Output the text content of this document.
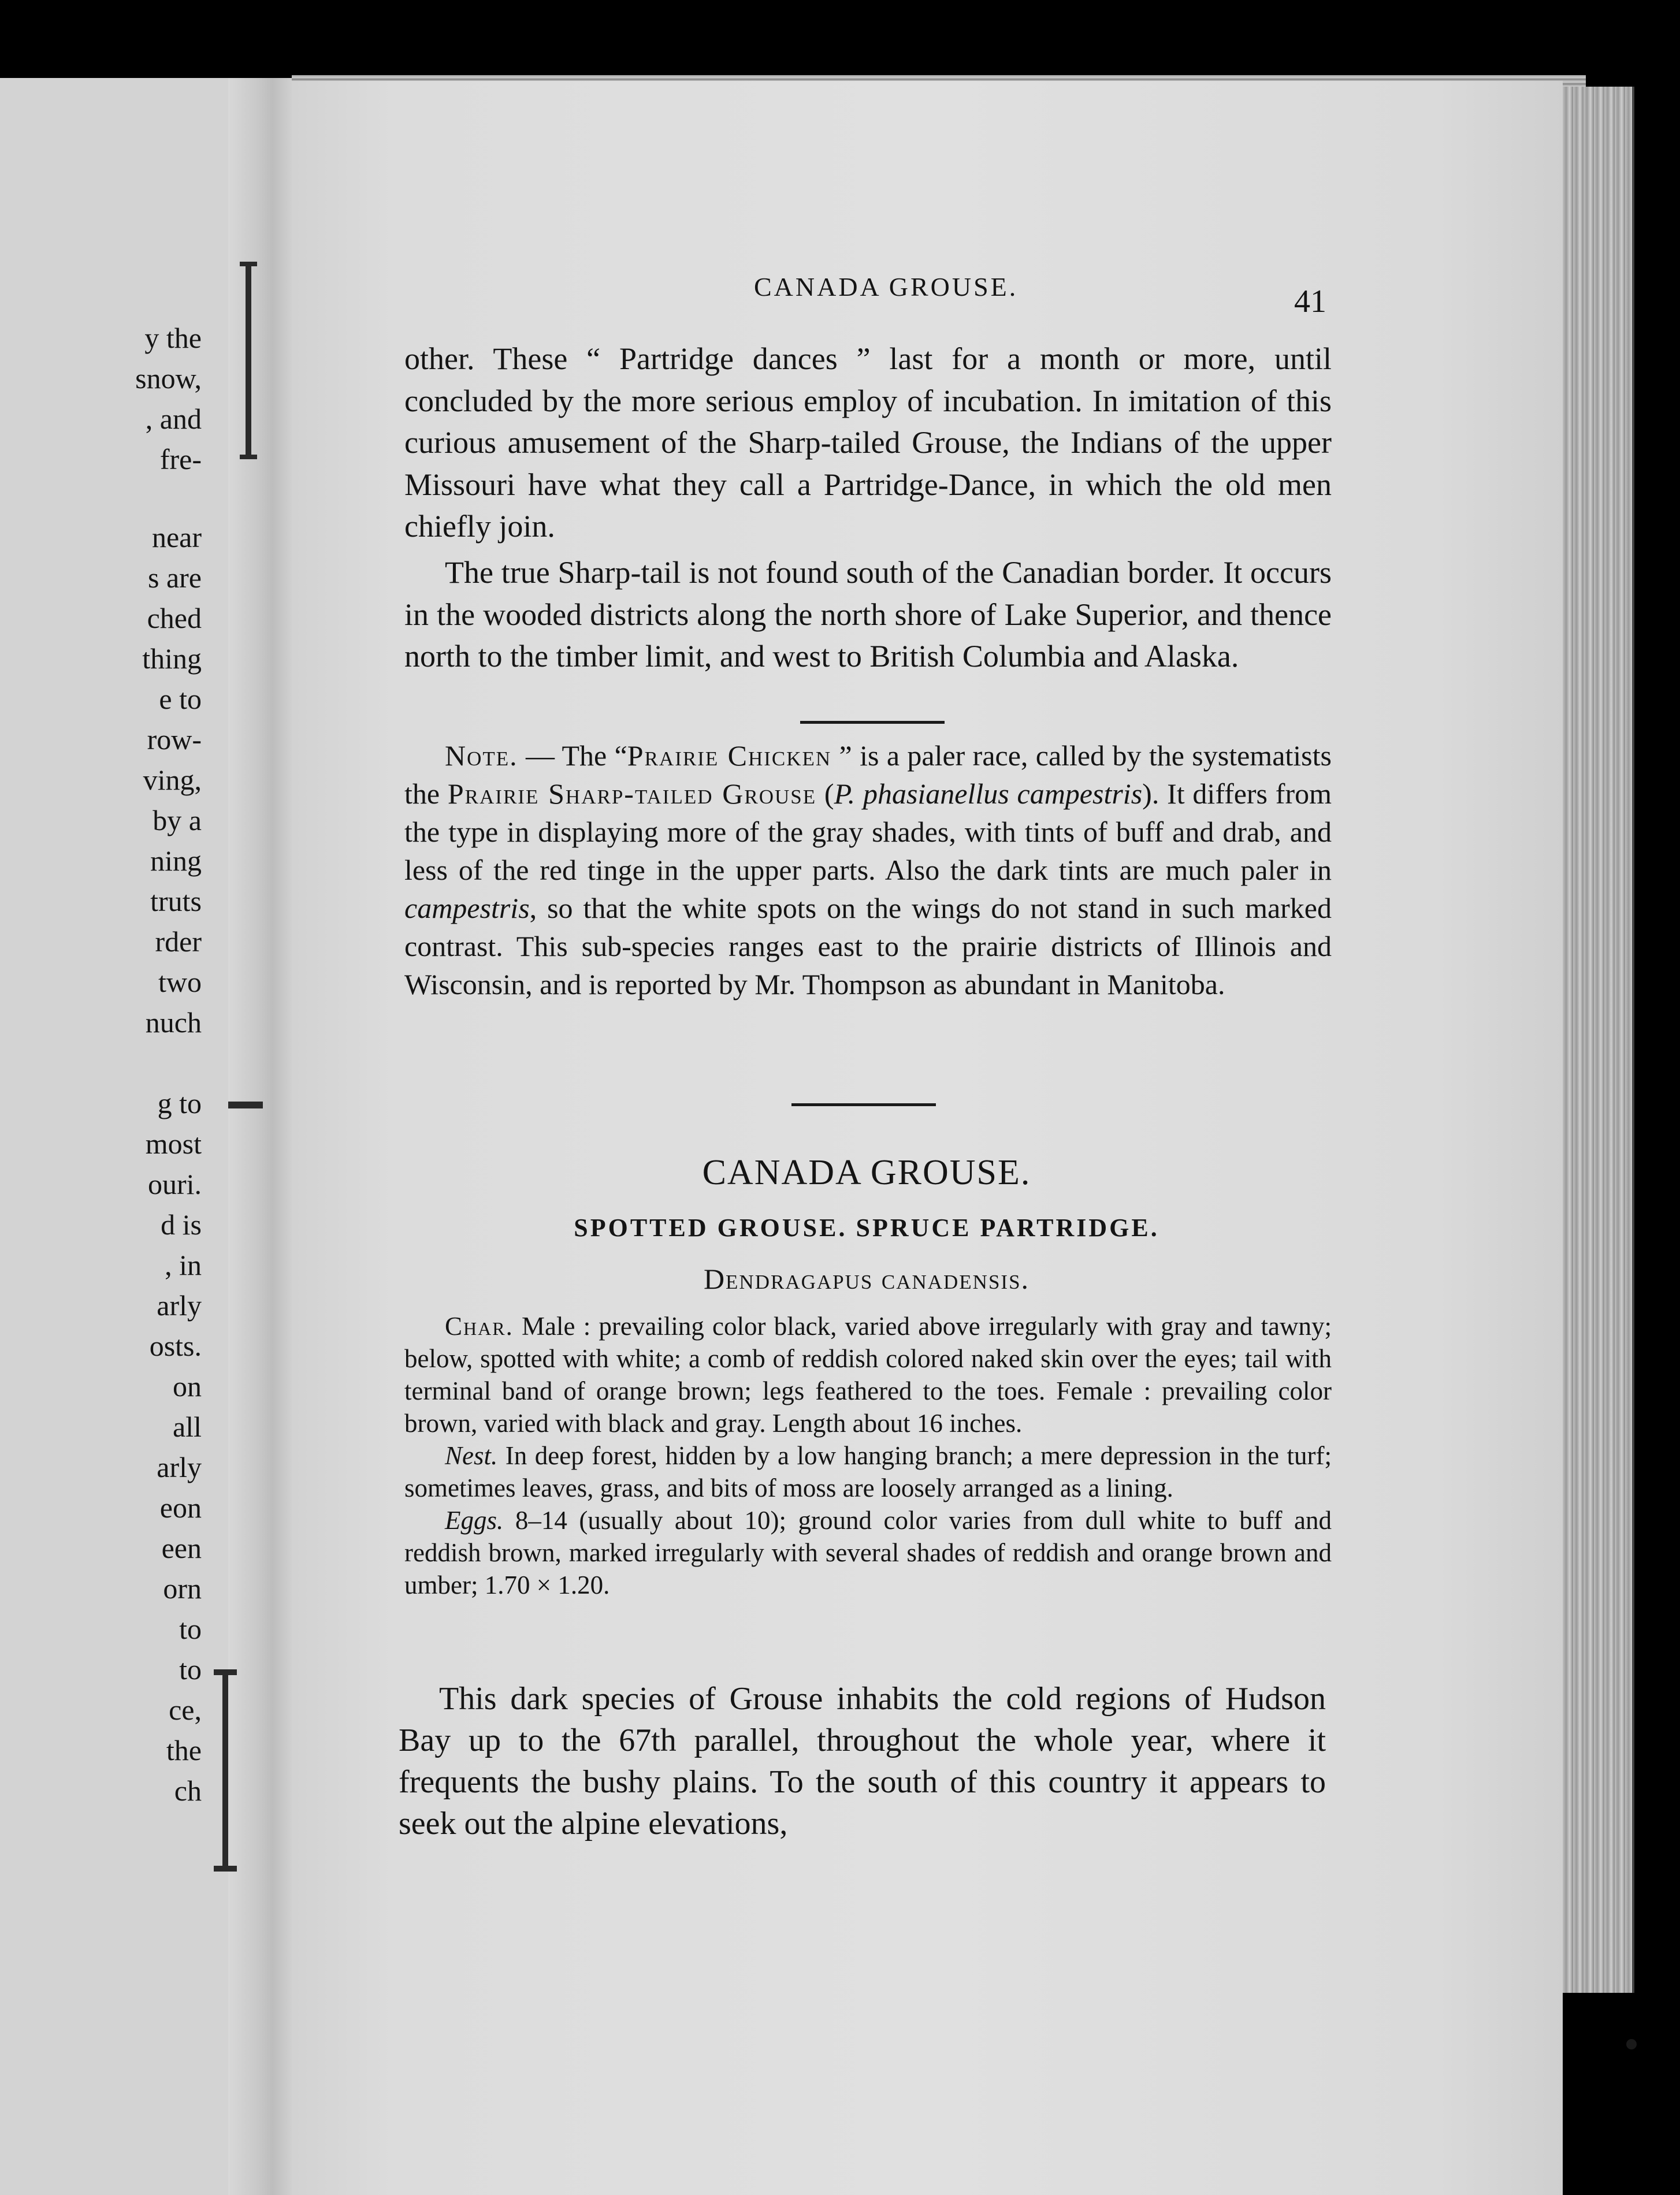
y the
snow,
, and
fre-
near
s are
ched
thing
e to
row-
ving,
by a
ning
truts
rder
two
nuch
g to
most
ouri.
d is
, in
arly
osts.
on
all
arly
eon
een
orn
to
to
ce,
the
ch
CANADA GROUSE.	41

other. These “ Partridge dances ” last for a month or more, until concluded by the more serious employ of incubation. In imitation of this curious amusement of the Sharp-tailed Grouse, the Indians of the upper Missouri have what they call a Partridge-Dance, in which the old men chiefly join.

The true Sharp-tail is not found south of the Canadian border. It occurs in the wooded districts along the north shore of Lake Superior, and thence north to the timber limit, and west to British Columbia and Alaska.

Note. — The “Prairie Chicken ” is a paler race, called by the systematists the Prairie Sharp-tailed Grouse (P. phasianellus campestris). It differs from the type in displaying more of the gray shades, with tints of buff and drab, and less of the red tinge in the upper parts. Also the dark tints are much paler in campestris, so that the white spots on the wings do not stand in such marked contrast. This sub-species ranges east to the prairie districts of Illinois and Wisconsin, and is reported by Mr. Thompson as abundant in Manitoba.

CANADA GROUSE.
SPOTTED GROUSE. SPRUCE PARTRIDGE.
Dendragapus canadensis.

Char. Male : prevailing color black, varied above irregularly with gray and tawny; below, spotted with white; a comb of reddish colored naked skin over the eyes; tail with terminal band of orange brown; legs feathered to the toes. Female : prevailing color brown, varied with black and gray. Length about 16 inches.

Nest. In deep forest, hidden by a low hanging branch; a mere depression in the turf; sometimes leaves, grass, and bits of moss are loosely arranged as a lining.

Eggs. 8–14 (usually about 10); ground color varies from dull white to buff and reddish brown, marked irregularly with several shades of reddish and orange brown and umber; 1.70 × 1.20.

This dark species of Grouse inhabits the cold regions of Hudson Bay up to the 67th parallel, throughout the whole year, where it frequents the bushy plains. To the south of this country it appears to seek out the alpine elevations,
